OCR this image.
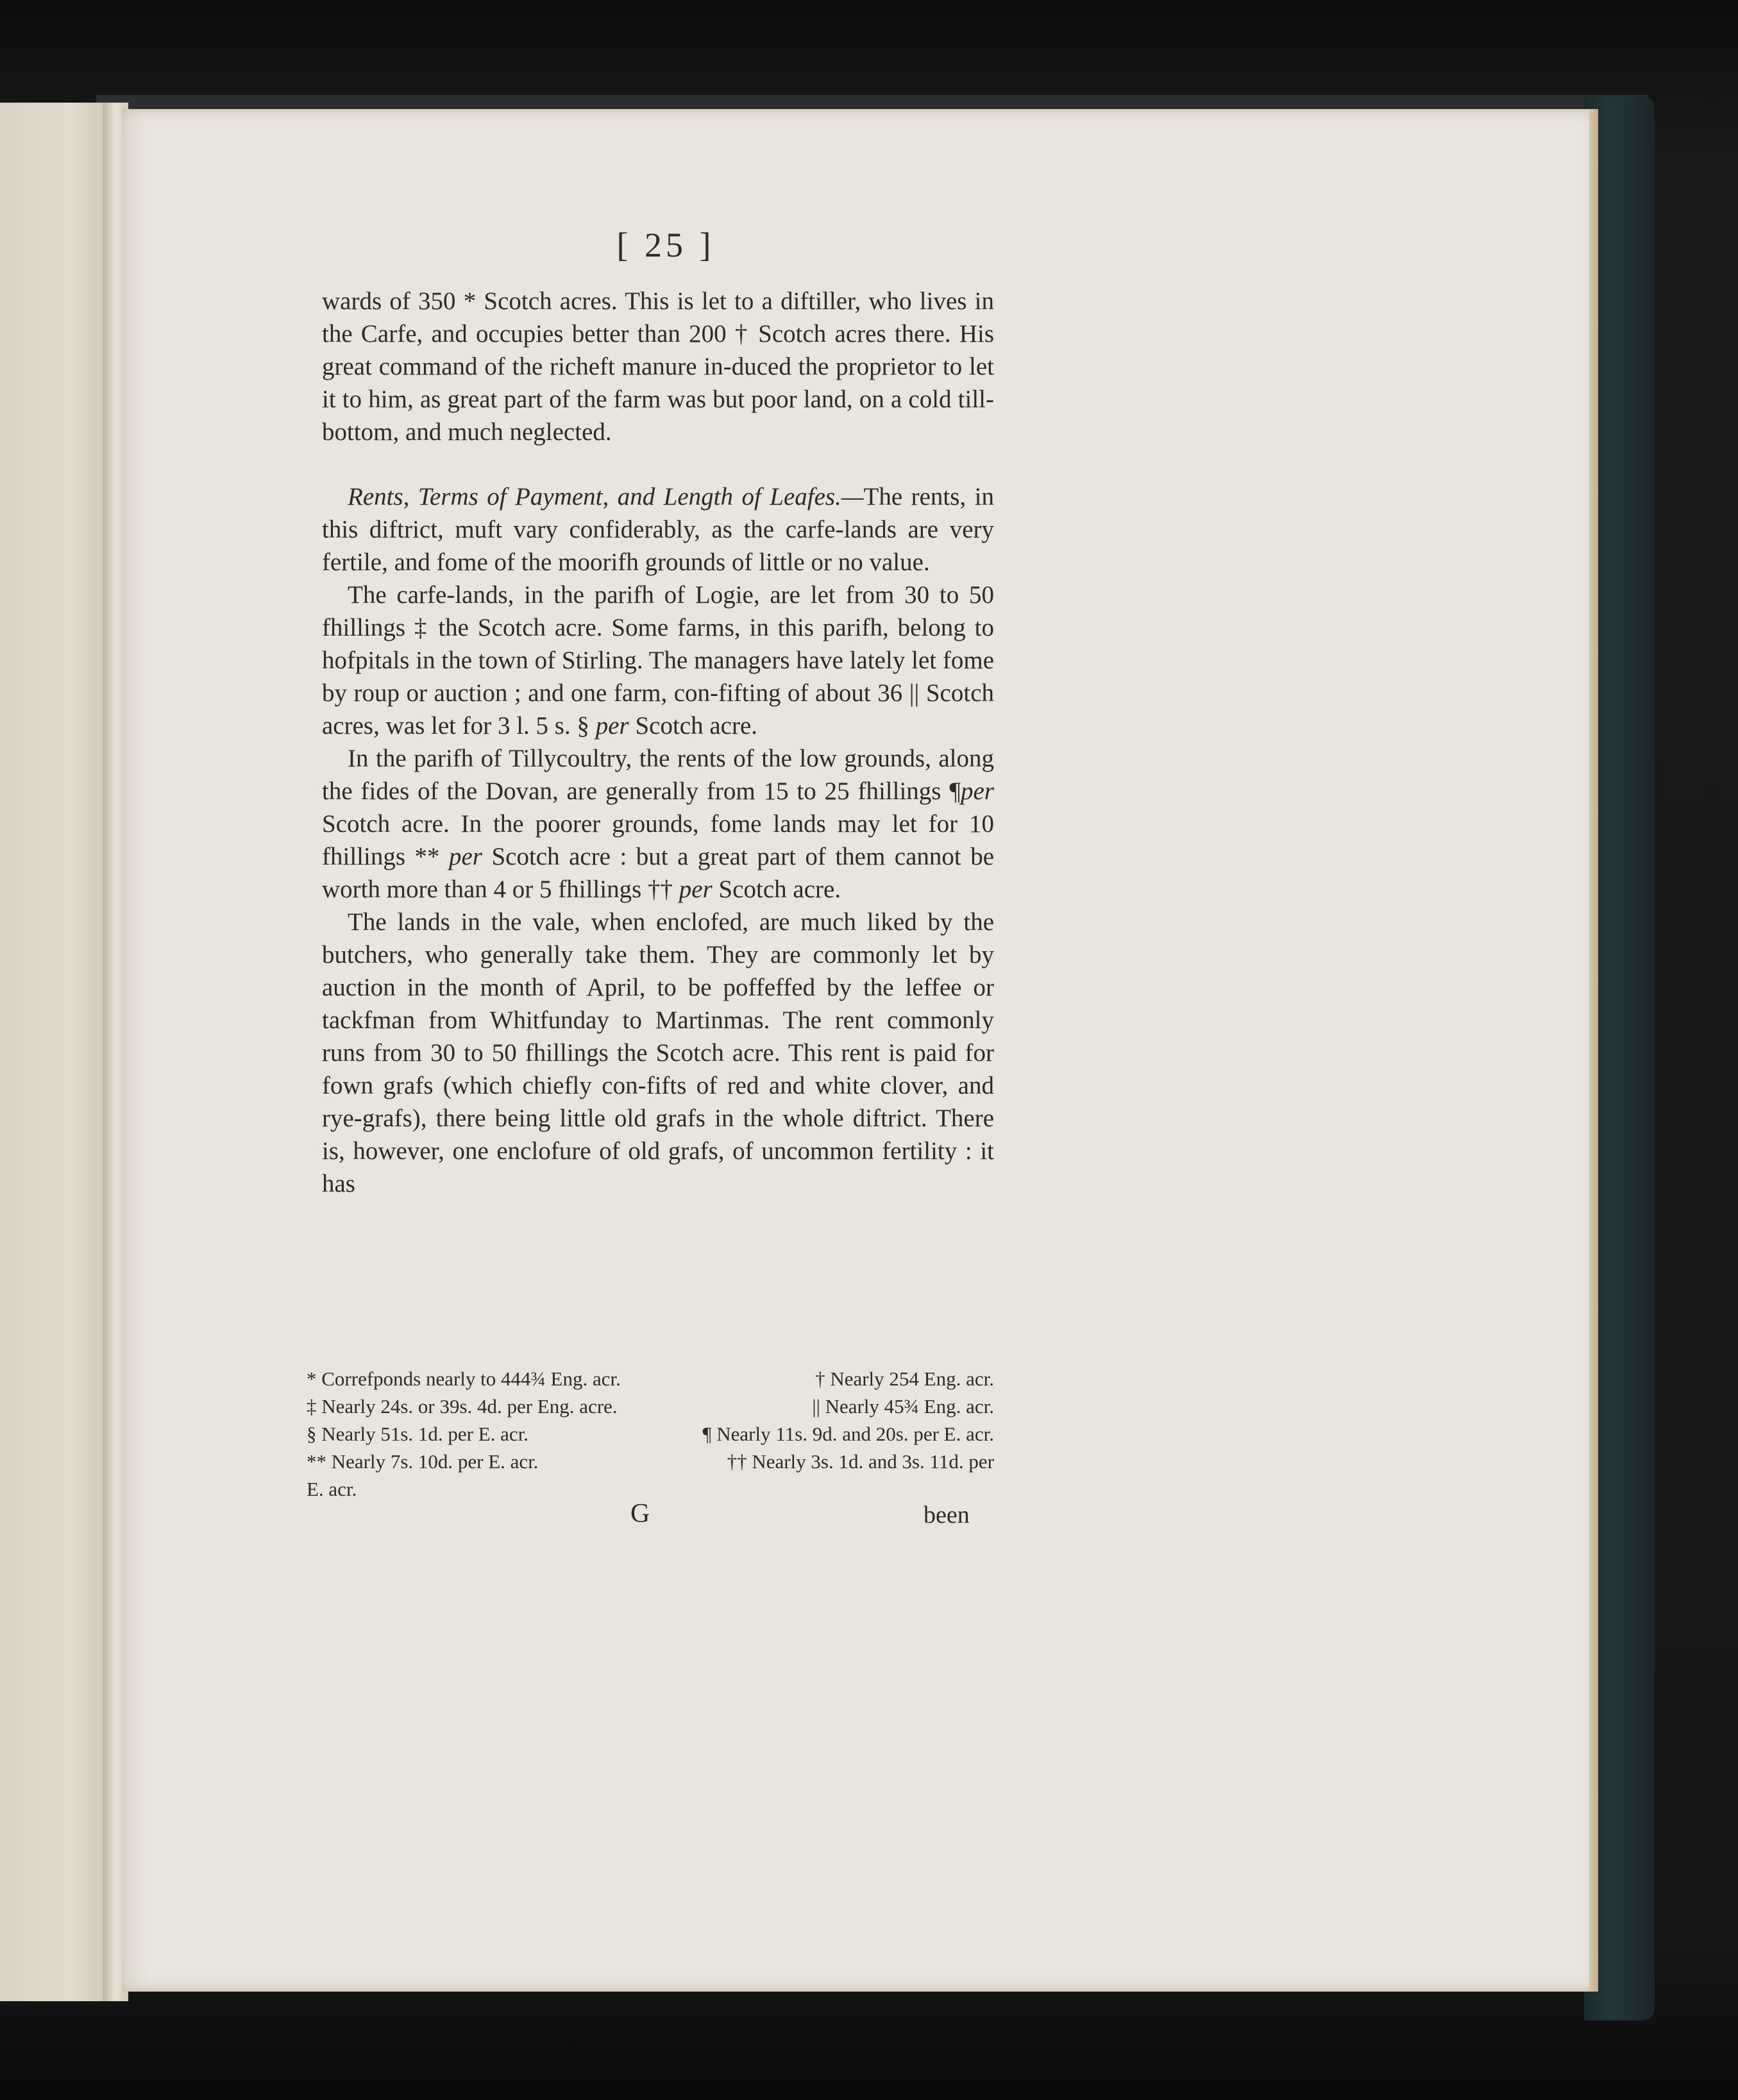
[ 25 ]

wards of 350 * Scotch acres. This is let to a diftiller, who lives in the Carfe, and occupies better than 200 † Scotch acres there. His great command of the richeft manure in-duced the proprietor to let it to him, as great part of the farm was but poor land, on a cold till-bottom, and much neglected.

Rents, Terms of Payment, and Length of Leafes.—The rents, in this diftrict, muft vary confiderably, as the carfe-lands are very fertile, and fome of the moorifh grounds of little or no value.

The carfe-lands, in the parifh of Logie, are let from 30 to 50 fhillings ‡ the Scotch acre. Some farms, in this parifh, belong to hofpitals in the town of Stirling. The managers have lately let fome by roup or auction ; and one farm, con-fifting of about 36 || Scotch acres, was let for 3 l. 5 s. § per Scotch acre.

In the parifh of Tillycoultry, the rents of the low grounds, along the fides of the Dovan, are generally from 15 to 25 fhillings ¶per Scotch acre. In the poorer grounds, fome lands may let for 10 fhillings ** per Scotch acre : but a great part of them cannot be worth more than 4 or 5 fhillings †† per Scotch acre.

The lands in the vale, when enclofed, are much liked by the butchers, who generally take them. They are commonly let by auction in the month of April, to be poffeffed by the leffee or tackfman from Whitfunday to Martinmas. The rent commonly runs from 30 to 50 fhillings the Scotch acre. This rent is paid for fown grafs (which chiefly con-fifts of red and white clover, and rye-grafs), there being little old grafs in the whole diftrict. There is, however, one enclofure of old grafs, of uncommon fertility : it has

* Correfponds nearly to 444¾ Eng. acr.	† Nearly 254 Eng. acr.
‡ Nearly 24s. or 39s. 4d. per Eng. acre.	|| Nearly 45¾ Eng. acr.
§ Nearly 51s. 1d. per E. acr.	¶ Nearly 11s. 9d. and 20s. per E. acr.
** Nearly 7s. 10d. per E. acr.	†† Nearly 3s. 1d. and 3s. 11d. per
E. acr.
G	been
